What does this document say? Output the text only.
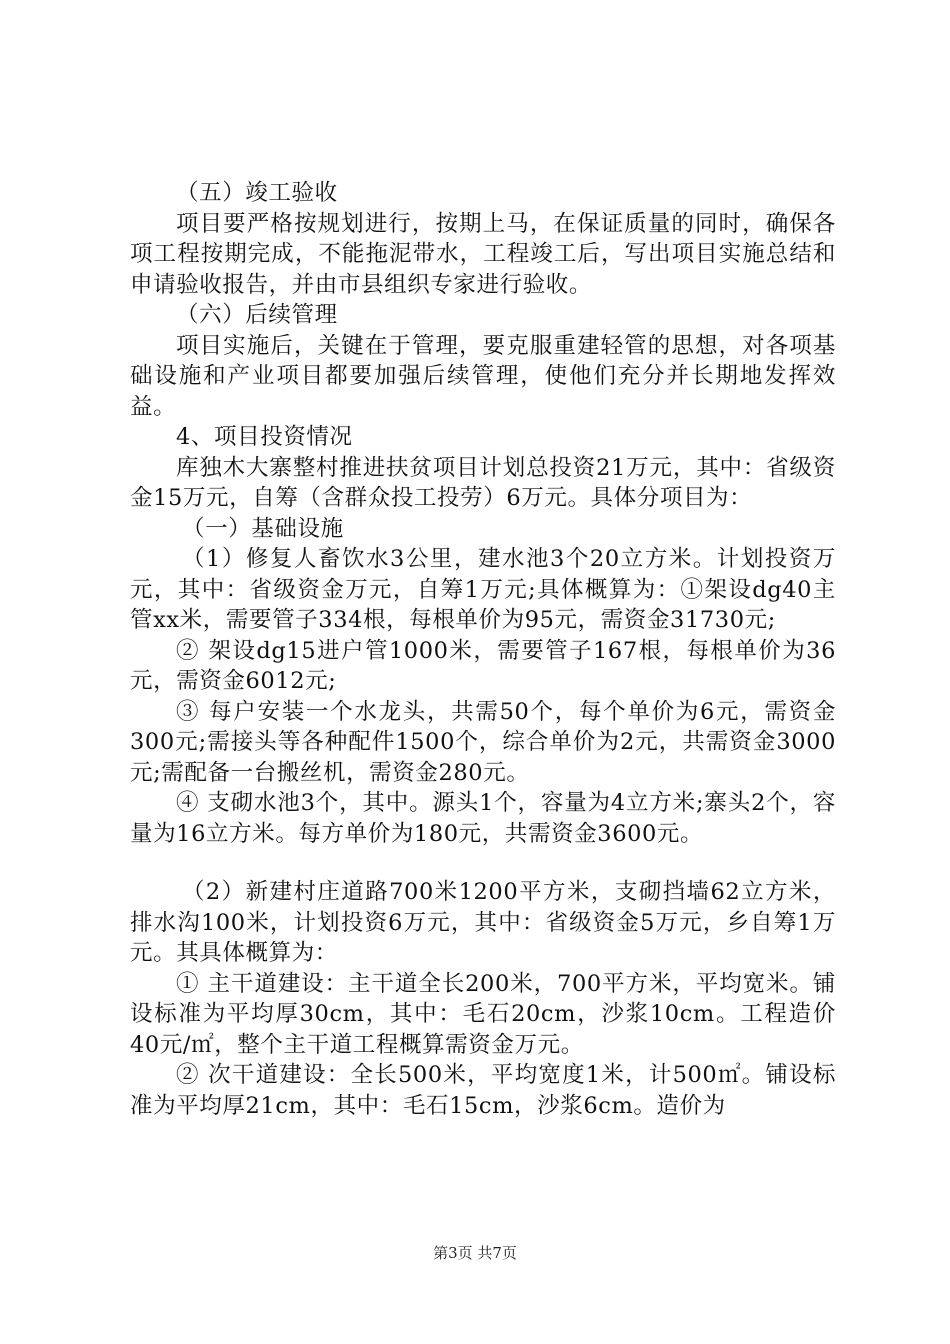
（五）竣工验收

项目要严格按规划进行，按期上马，在保证质量的同时，确保各项工程按期完成，不能拖泥带水，工程竣工后，写出项目实施总结和申请验收报告，并由市县组织专家进行验收。

（六）后续管理

项目实施后，关键在于管理，要克服重建轻管的思想，对各项基础设施和产业项目都要加强后续管理，使他们充分并长期地发挥效益。

4、项目投资情况

库独木大寨整村推进扶贫项目计划总投资21万元，其中：省级资金15万元，自筹（含群众投工投劳）6万元。具体分项目为：

（一）基础设施

（1）修复人畜饮水3公里，建水池3个20立方米。计划投资万元，其中：省级资金万元，自筹1万元;具体概算为：①架设dg40主管xx米，需要管子334根，每根单价为95元，需资金31730元;

② 架设dg15进户管1000米，需要管子167根，每根单价为36元，需资金6012元;

③ 每户安装一个水龙头，共需50个，每个单价为6元，需资金300元;需接头等各种配件1500个，综合单价为2元，共需资金3000元;需配备一台搬丝机，需资金280元。

④ 支砌水池3个，其中。源头1个，容量为4立方米;寨头2个，容量为16立方米。每方单价为180元，共需资金3600元。

（2）新建村庄道路700米1200平方米，支砌挡墙62立方米，排水沟100米，计划投资6万元，其中：省级资金5万元，乡自筹1万元。其具体概算为：

① 主干道建设：主干道全长200米，700平方米，平均宽米。铺设标准为平均厚30cm，其中：毛石20cm，沙浆10cm。工程造价40元/㎡，整个主干道工程概算需资金万元。

② 次干道建设：全长500米，平均宽度1米，计500㎡。铺设标准为平均厚21cm，其中：毛石15cm，沙浆6cm。造价为

第3页 共7页
